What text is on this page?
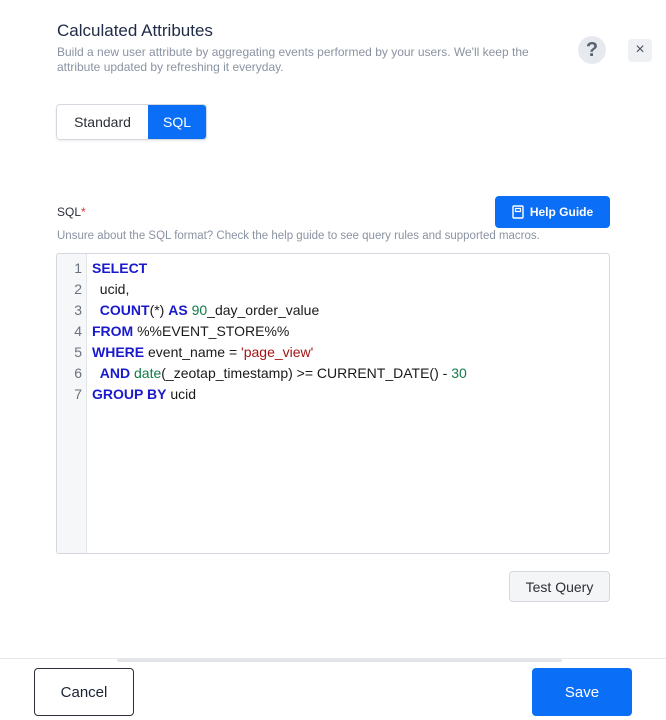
Calculated Attributes
Build a new user attribute by aggregating events performed by your users. We'll keep the attribute updated by refreshing it everyday.
?	×
Standard	SQL
SQL*	Help Guide
Unsure about the SQL format? Check the help guide to see query rules and supported macros.
1
2
3
4
5
6
7
SELECT
ucid,
COUNT(*) AS 90_day_order_value
FROM %%EVENT_STORE%%
WHERE event_name = 'page_view'
AND date(_zeotap_timestamp) >= CURRENT_DATE() - 30
GROUP BY ucid
Test Query
Cancel	Save
